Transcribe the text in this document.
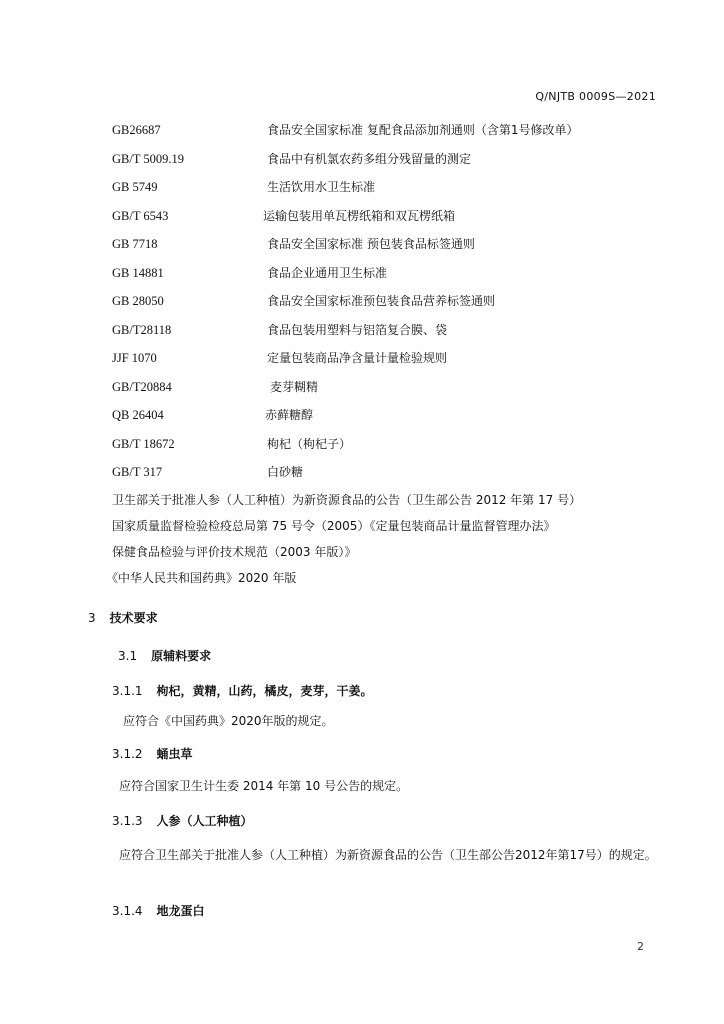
Q/NJTB 0009S—2021
GB26687	食品安全国家标准 复配食品添加剂通则（含第1号修改单）
GB/T 5009.19	食品中有机氯农药多组分残留量的测定
GB 5749	生活饮用水卫生标准
GB/T 6543	运输包装用单瓦楞纸箱和双瓦楞纸箱
GB 7718	食品安全国家标准 预包装食品标签通则
GB 14881	食品企业通用卫生标准
GB 28050	食品安全国家标准预包装食品营养标签通则
GB/T28118	食品包装用塑料与铝箔复合膜、袋
JJF 1070	定量包装商品净含量计量检验规则
GB/T20884	麦芽糊精
QB 26404	赤藓糖醇
GB/T 18672	枸杞（枸杞子）
GB/T 317	白砂糖
卫生部关于批准人参（人工种植）为新资源食品的公告（卫生部公告 2012 年第 17 号）
国家质量监督检验检疫总局第 75 号令（2005）《定量包装商品计量监督管理办法》
保健食品检验与评价技术规范（2003 年版）》
《中华人民共和国药典》2020 年版
3 技术要求
3.1 原辅料要求
3.1.1 枸杞，黄精，山药，橘皮，麦芽，干姜。
应符合《中国药典》2020年版的规定。
3.1.2 蛹虫草
应符合国家卫生计生委 2014 年第 10 号公告的规定。
3.1.3 人参（人工种植）
应符合卫生部关于批准人参（人工种植）为新资源食品的公告（卫生部公告2012年第17号）的规定。
3.1.4 地龙蛋白
2
